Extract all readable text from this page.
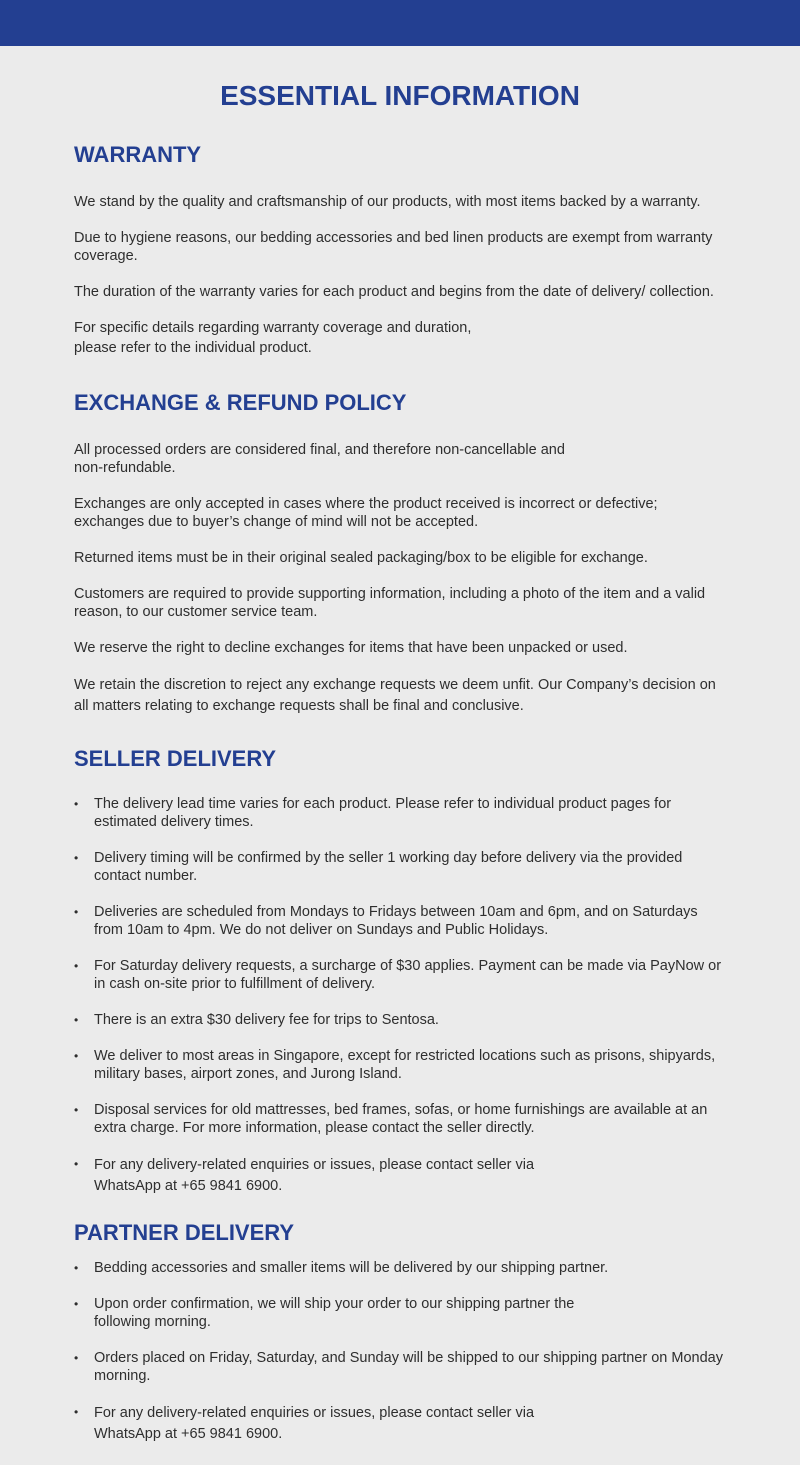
ESSENTIAL INFORMATION
WARRANTY

We stand by the quality and craftsmanship of our products, with most items backed by a warranty.

Due to hygiene reasons, our bedding accessories and bed linen products are exempt from warranty coverage.

The duration of the warranty varies for each product and begins from the date of delivery/ collection.

For specific details regarding warranty coverage and duration,

please refer to the individual product.

EXCHANGE & REFUND POLICY

All processed orders are considered final, and therefore non-cancellable and

non-refundable.

Exchanges are only accepted in cases where the product received is incorrect or defective; exchanges due to buyer’s change of mind will not be accepted.

Returned items must be in their original sealed packaging/box to be eligible for exchange.

Customers are required to provide supporting information, including a photo of the item and a valid reason, to our customer service team.

We reserve the right to decline exchanges for items that have been unpacked or used.

We retain the discretion to reject any exchange requests we deem unfit. Our Company’s decision on all matters relating to exchange requests shall be final and conclusive.

SELLER DELIVERY
• The delivery lead time varies for each product. Please refer to individual product pages for estimated delivery times.
• Delivery timing will be confirmed by the seller 1 working day before delivery via the provided contact number.
• Deliveries are scheduled from Mondays to Fridays between 10am and 6pm, and on Saturdays from 10am to 4pm. We do not deliver on Sundays and Public Holidays.
• For Saturday delivery requests, a surcharge of $30 applies. Payment can be made via PayNow or in cash on-site prior to fulfillment of delivery.
• There is an extra $30 delivery fee for trips to Sentosa.
• We deliver to most areas in Singapore, except for restricted locations such as prisons, shipyards, military bases, airport zones, and Jurong Island.
• Disposal services for old mattresses, bed frames, sofas, or home furnishings are available at an extra charge. For more information, please contact the seller directly.
• For any delivery-related enquiries or issues, please contact seller via
WhatsApp at +65 9841 6900.
PARTNER DELIVERY
• Bedding accessories and smaller items will be delivered by our shipping partner.
• Upon order confirmation, we will ship your order to our shipping partner the
following morning.
• Orders placed on Friday, Saturday, and Sunday will be shipped to our shipping partner on Monday morning.
• For any delivery-related enquiries or issues, please contact seller via
WhatsApp at +65 9841 6900.
